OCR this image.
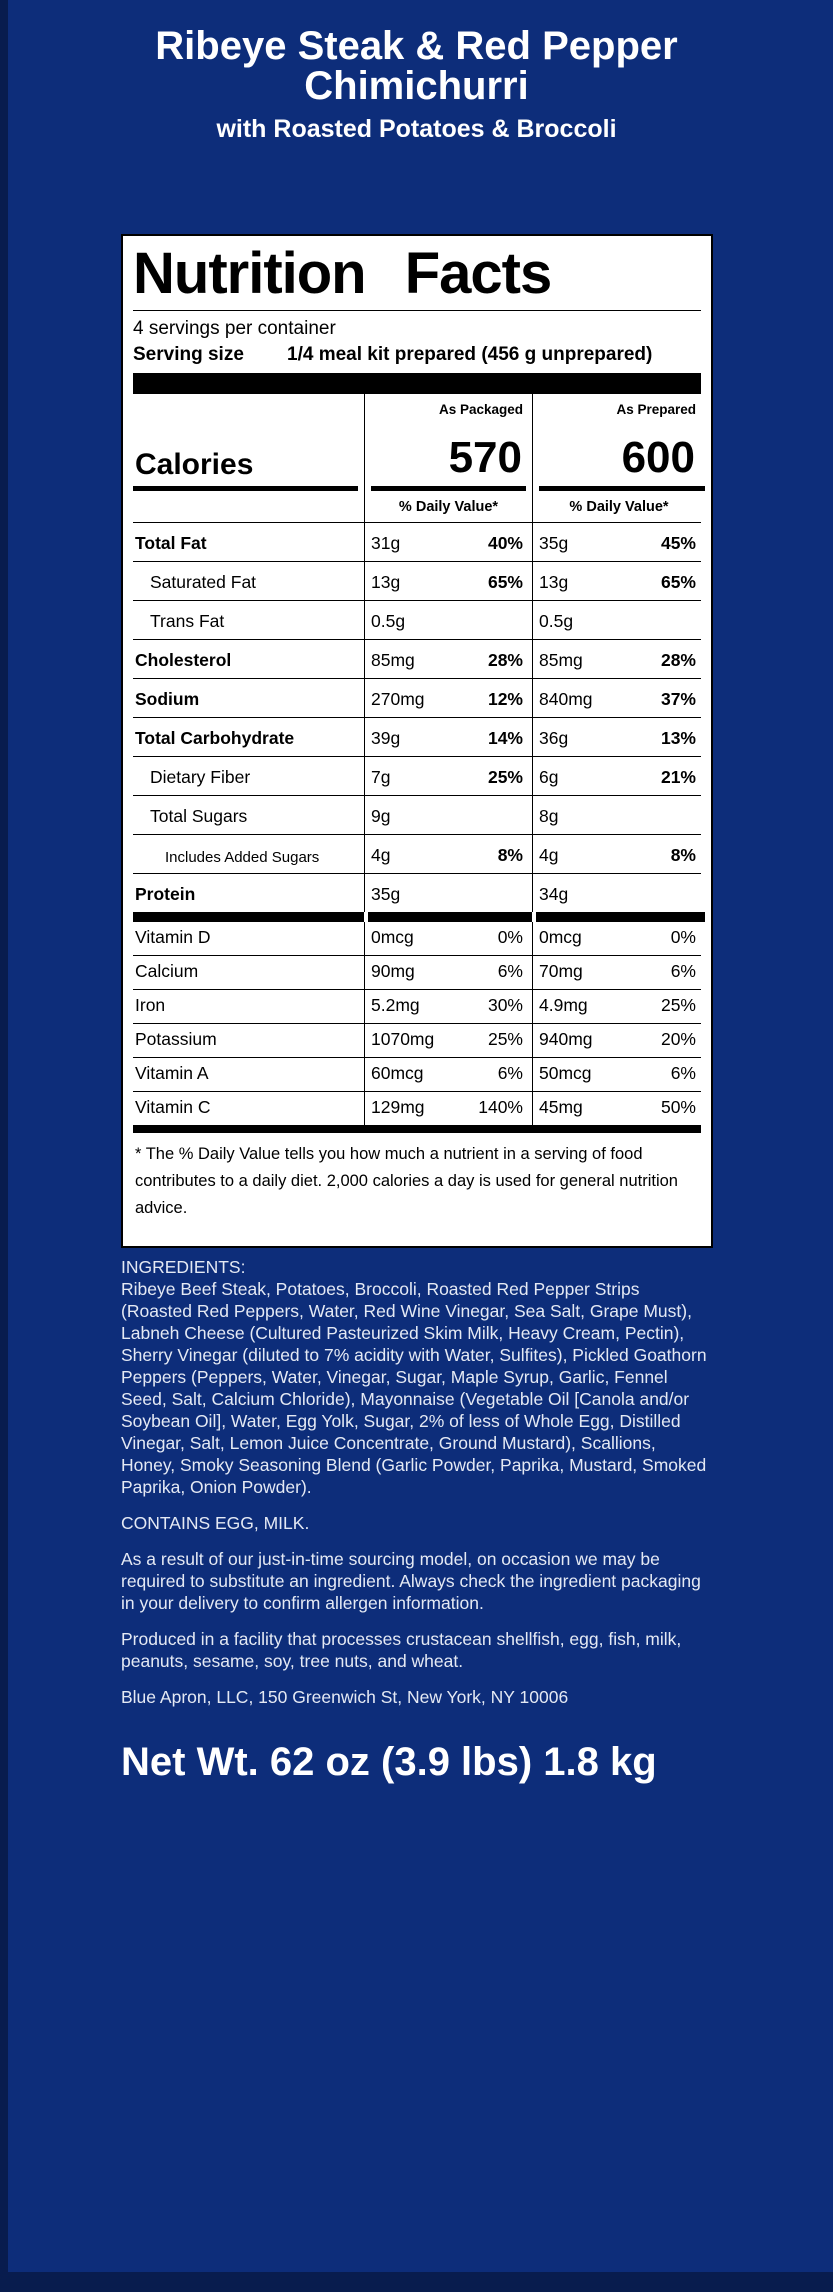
Ribeye Steak & Red Pepper
Chimichurri
with Roasted Potatoes & Broccoli
Nutrition Facts
4 servings per container
Serving size	1/4 meal kit prepared (456 g unprepared)
As Packaged	As Prepared
Calories	570	600
% Daily Value*	% Daily Value*
Total Fat	31g	40% 35g	45%
Saturated Fat	13g	65% 13g	65%
Trans Fat	0.5g	0.5g
Cholesterol	85mg	28% 85mg	28%
Sodium	270mg	12% 840mg	37%
Total Carbohydrate	39g	14% 36g	13%
Dietary Fiber	7g	25% 6g	21%
Total Sugars	9g	8g
Includes Added Sugars	4g	8% 4g	8%
Protein	35g	34g
Vitamin D	0mcg	0% 0mcg	0%
Calcium	90mg	6% 70mg	6%
Iron	5.2mg	30% 4.9mg	25%
Potassium	1070mg	25% 940mg	20%
Vitamin A	60mcg	6% 50mcg	6%
Vitamin C	129mg	140% 45mg	50%
* The % Daily Value tells you how much a nutrient in a serving of food contributes to a daily diet. 2,000 calories a day is used for general nutrition advice.
INGREDIENTS:

Ribeye Beef Steak, Potatoes, Broccoli, Roasted Red Pepper Strips (Roasted Red Peppers, Water, Red Wine Vinegar, Sea Salt, Grape Must), Labneh Cheese (Cultured Pasteurized Skim Milk, Heavy Cream, Pectin), Sherry Vinegar (diluted to 7% acidity with Water, Sulfites), Pickled Goathorn Peppers (Peppers, Water, Vinegar, Sugar, Maple Syrup, Garlic, Fennel Seed, Salt, Calcium Chloride), Mayonnaise (Vegetable Oil [Canola and/or Soybean Oil], Water, Egg Yolk, Sugar, 2% of less of Whole Egg, Distilled Vinegar, Salt, Lemon Juice Concentrate, Ground Mustard), Scallions, Honey, Smoky Seasoning Blend (Garlic Powder, Paprika, Mustard, Smoked Paprika, Onion Powder).

CONTAINS EGG, MILK.

As a result of our just-in-time sourcing model, on occasion we may be required to substitute an ingredient. Always check the ingredient packaging in your delivery to confirm allergen information.

Produced in a facility that processes crustacean shellfish, egg, fish, milk, peanuts, sesame, soy, tree nuts, and wheat.

Blue Apron, LLC, 150 Greenwich St, New York, NY 10006

Net Wt. 62 oz (3.9 lbs) 1.8 kg
